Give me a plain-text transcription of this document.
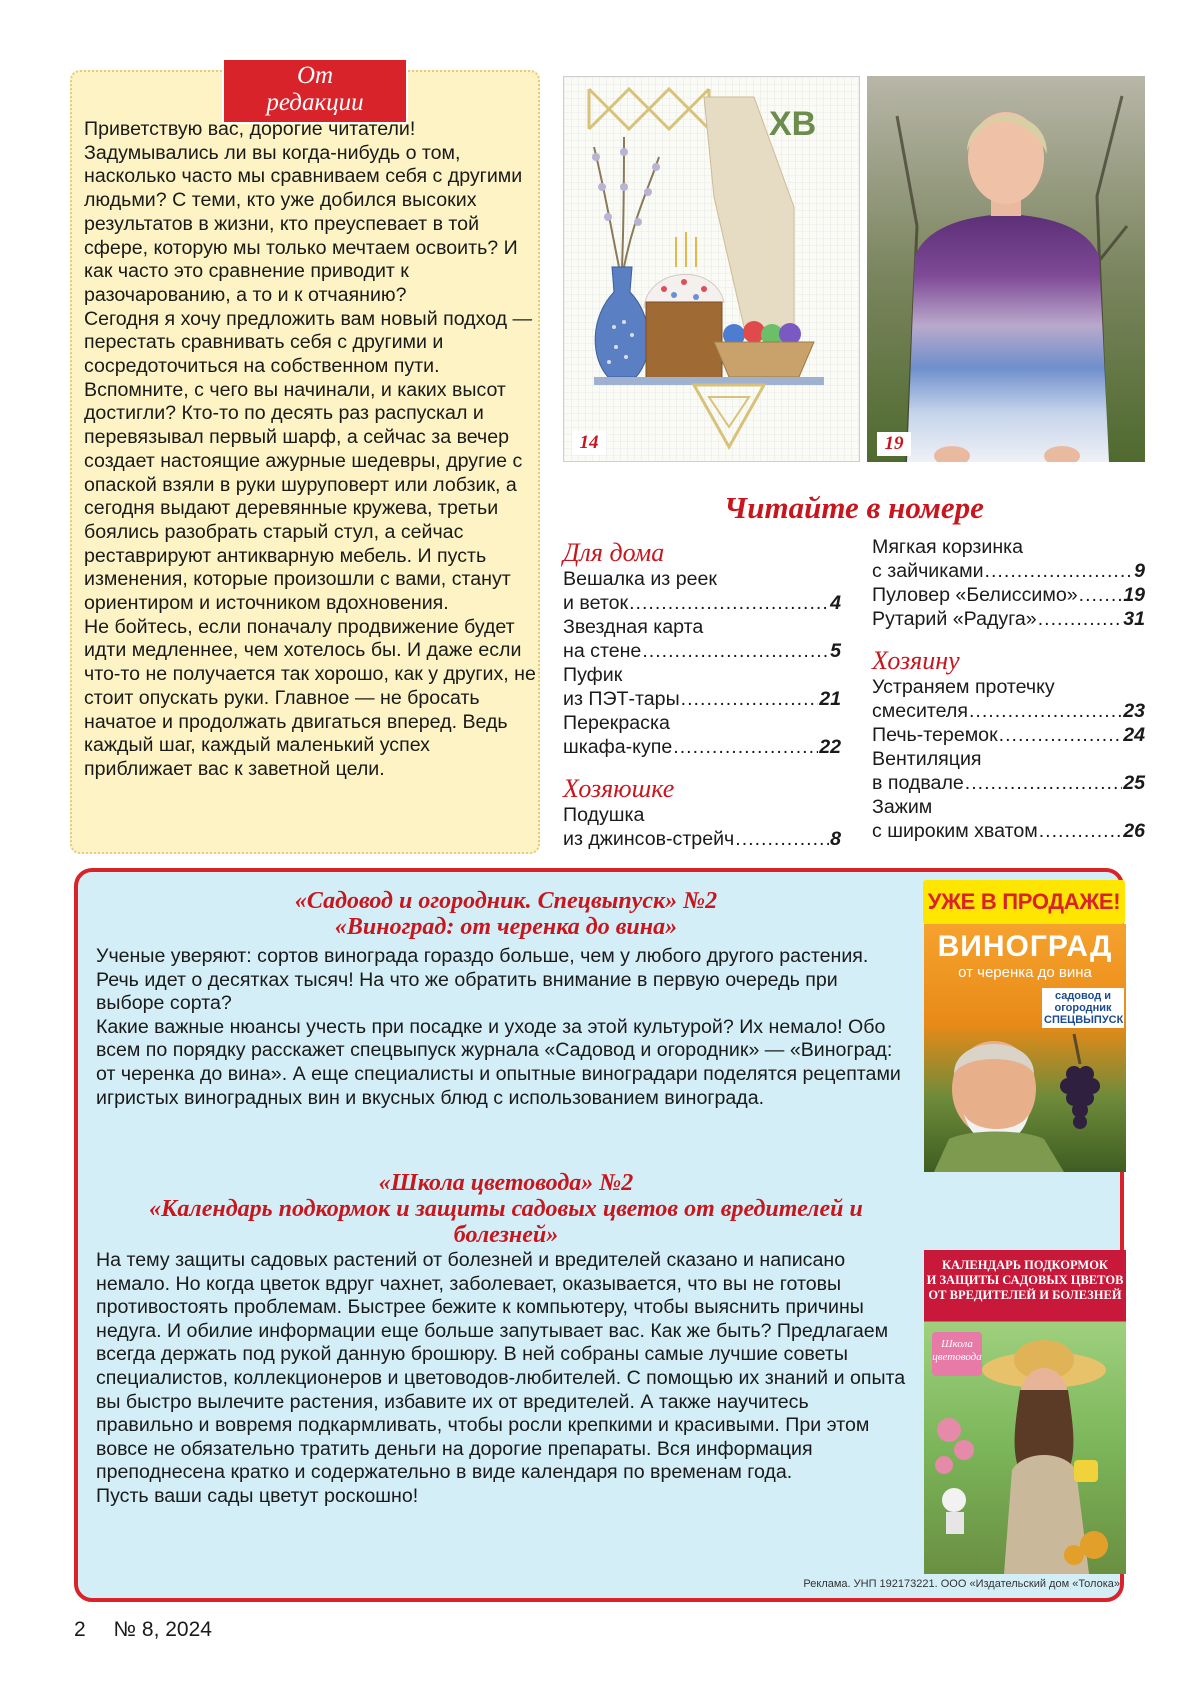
От
редакции

Приветствую вас, дорогие читатели! Задумывались ли вы когда-нибудь о том, насколько часто мы сравниваем себя с другими людьми? С теми, кто уже добился высоких результатов в жизни, кто преуспевает в той сфере, которую мы только мечтаем освоить? И как часто это сравнение приводит к разочарованию, а то и к отчаянию?

Сегодня я хочу предложить вам новый подход — перестать сравнивать себя с другими и сосредоточиться на собственном пути. Вспомните, с чего вы начинали, и каких высот достигли? Кто-то по десять раз распускал и перевязывал первый шарф, а сейчас за вечер создает настоящие ажурные шедевры, другие с опаской взяли в руки шуруповерт или лобзик, а сегодня выдают деревянные кружева, третьи боялись разобрать старый стул, а сейчас реставрируют антикварную мебель. И пусть изменения, которые произошли с вами, станут ориентиром и источником вдохновения.

Не бойтесь, если поначалу продвижение будет идти медленнее, чем хотелось бы. И даже если что-то не получается так хорошо, как у других, не стоит опускать руки. Главное — не бросать начатое и продолжать двигаться вперед. Ведь каждый шаг, каждый маленький успех приближает вас к заветной цели.

ХВ
14	19
Читайте в номере
Для дома
Вешалка из реек
и веток .....	4
Звездная карта
на стене .....	5
Пуфик
из ПЭТ-тары .....	21
Перекраска
шкафа-купе .....	22
Хозяюшке
Подушка
из джинсов-стрейч .....	8
Мягкая корзинка
с зайчиками .....	9
Пуловер «Белиссимо» ..... 19
Рутарий «Радуга» .....	31
Хозяину
Устраняем протечку
смесителя .....	23
Печь-теремок .....	24
Вентиляция
в подвале .....	25
Зажим
с широким хватом .....	26
УЖЕ В ПРОДАЖЕ!
«Садовод и огородник. Спецвыпуск» №2
«Виноград: от черенка до вина»

Ученые уверяют: сортов винограда гораздо больше, чем у любого другого растения. Речь идет о десятках тысяч! На что же обратить внимание в первую очередь при выборе сорта?

Какие важные нюансы учесть при посадке и уходе за этой культурой? Их немало! Обо всем по порядку расскажет спецвыпуск журнала «Садовод и огородник» — «Виноград: от черенка до вина». А еще специалисты и опытные виноградари поделятся рецептами игристых виноградных вин и вкусных блюд с использованием винограда.

«Школа цветовода» №2
«Календарь подкормок и защиты садовых цветов от вредителей и болезней»

На тему защиты садовых растений от болезней и вредителей сказано и написано немало. Но когда цветок вдруг чахнет, заболевает, оказывается, что вы не готовы противостоять проблемам. Быстрее бежите к компьютеру, чтобы выяснить причины недуга. И обилие информации еще больше запутывает вас. Как же быть? Предлагаем всегда держать под рукой данную брошюру. В ней собраны самые лучшие советы специалистов, коллекционеров и цветоводов-любителей. С помощью их знаний и опыта вы быстро вылечите растения, избавите их от вредителей. А также научитесь правильно и вовремя подкармливать, чтобы росли крепкими и красивыми. При этом вовсе не обязательно тратить деньги на дорогие препараты. Вся информация преподнесена кратко и содержательно в виде календаря по временам года.

Пусть ваши сады цветут роскошно!

ВИНОГРАД
от черенка до вина
садовод и огородник
СПЕЦВЫПУСК
КАЛЕНДАРЬ ПОДКОРМОК
И ЗАЩИТЫ САДОВЫХ ЦВЕТОВ
ОТ ВРЕДИТЕЛЕЙ И БОЛЕЗНЕЙ
Школа цветовода
Реклама. УНП 192173221. ООО «Издательский дом «Толока»
2 № 8, 2024
